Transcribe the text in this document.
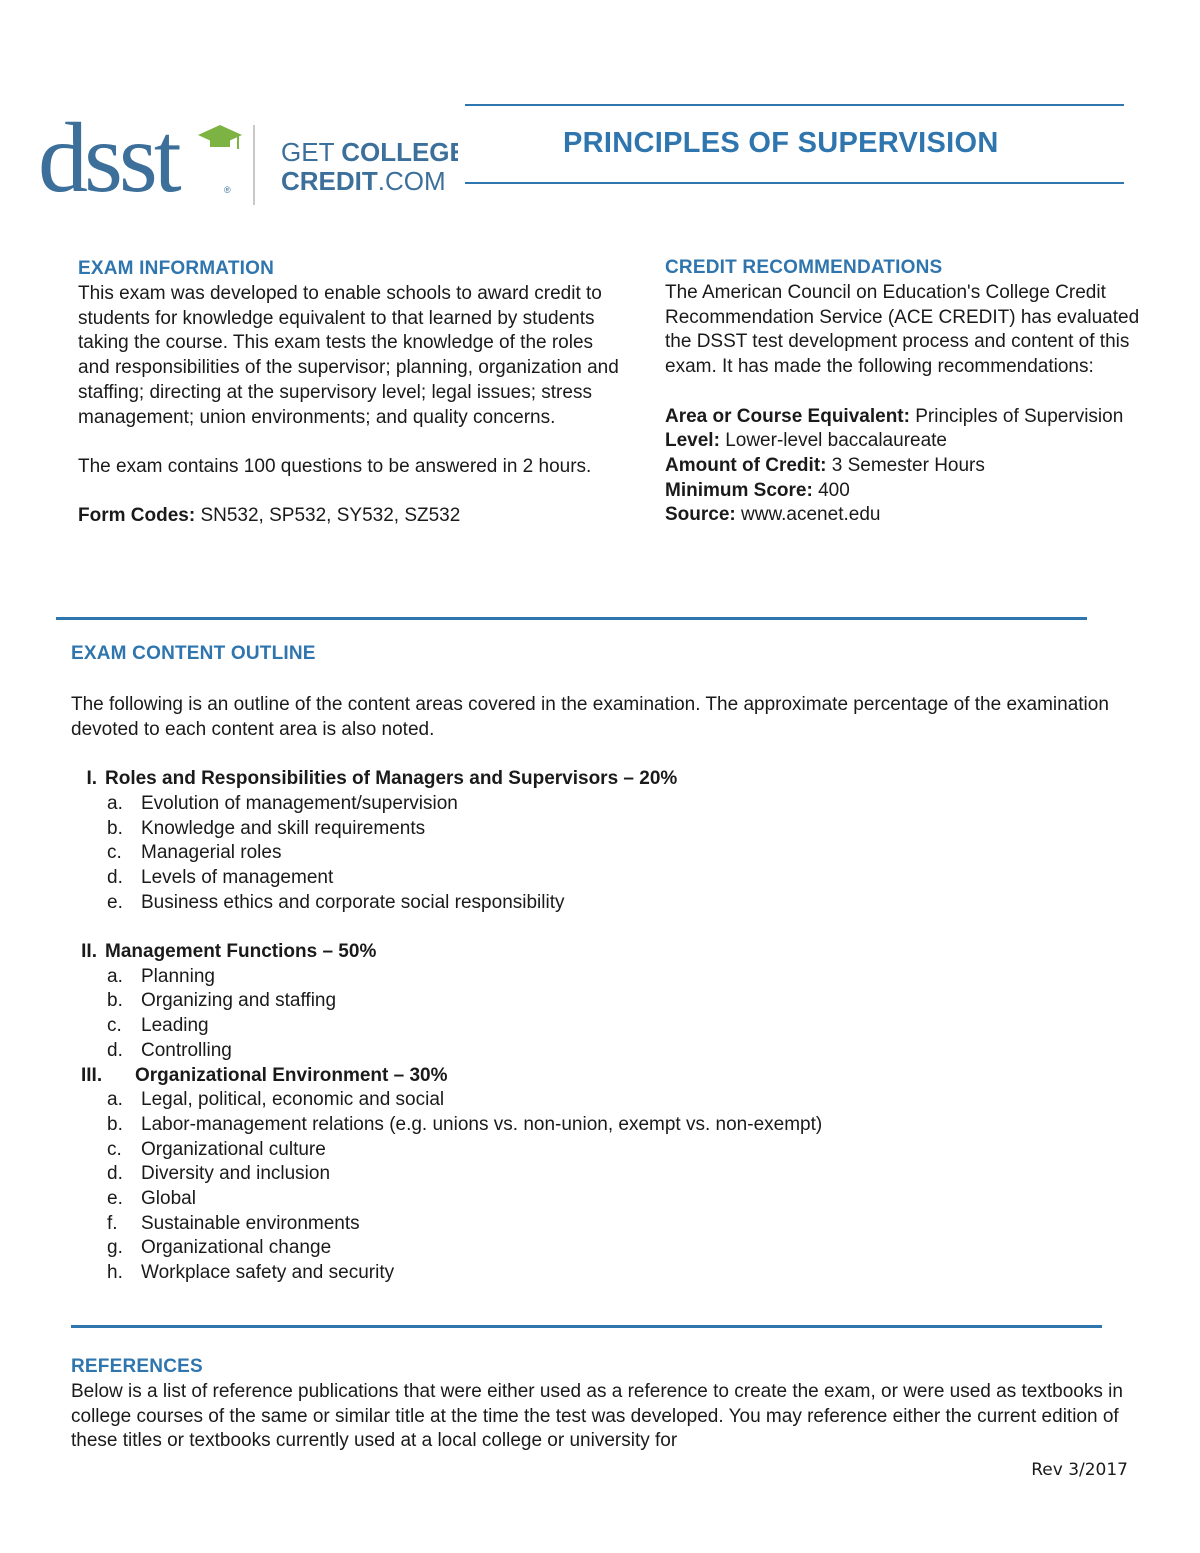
dsst	®
GET COLLEGE
CREDIT.COM
PRINCIPLES OF SUPERVISION
EXAM INFORMATION

This exam was developed to enable schools to award credit to students for knowledge equivalent to that learned by students taking the course. This exam tests the knowledge of the roles and responsibilities of the supervisor; planning, organization and staffing; directing at the supervisory level; legal issues; stress management; union environments; and quality concerns.

The exam contains 100 questions to be answered in 2 hours.

Form Codes: SN532, SP532, SY532, SZ532

CREDIT RECOMMENDATIONS

The American Council on Education's College Credit Recommendation Service (ACE CREDIT) has evaluated the DSST test development process and content of this exam. It has made the following recommendations:

Area or Course Equivalent: Principles of Supervision

Level: Lower-level baccalaureate

Amount of Credit: 3 Semester Hours

Minimum Score: 400

Source: www.acenet.edu

EXAM CONTENT OUTLINE
The following is an outline of the content areas covered in the examination. The approximate percentage of the examination devoted to each content area is also noted.
I. Roles and Responsibilities of Managers and Supervisors – 20%
a. Evolution of management/supervision
b. Knowledge and skill requirements
c.	Managerial roles
d. Levels of management
e. Business ethics and corporate social responsibility
II. Management Functions – 50%
a. Planning
b. Organizing and staffing
c.	Leading
d. Controlling
III. Organizational Environment – 30%
a. Legal, political, economic and social
b. Labor-management relations (e.g. unions vs. non-union, exempt vs. non-exempt)
c.	Organizational culture
d. Diversity and inclusion
e. Global
f.	Sustainable environments
g. Organizational change
h. Workplace safety and security
REFERENCES
Below is a list of reference publications that were either used as a reference to create the exam, or were used as textbooks in college courses of the same or similar title at the time the test was developed. You may reference either the current edition of these titles or textbooks currently used at a local college or university for
Rev 3/2017
